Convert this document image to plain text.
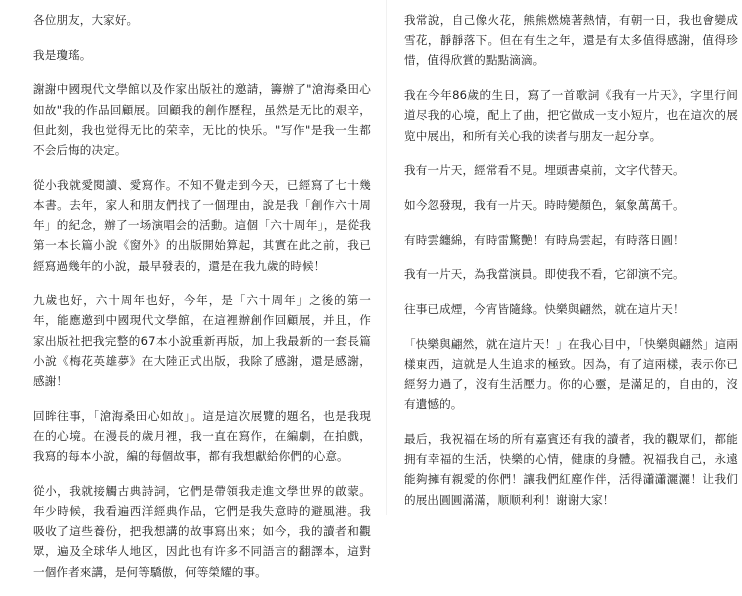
各位朋友，大家好。

我是瓊瑤。

謝謝中國現代文學館以及作家出版社的邀請，籌辦了"滄海桑田心如故"我的作品回顧展。回顧我的創作歷程，虽然是无比的艰辛，但此刻，我也觉得无比的荣幸，无比的快乐。"写作"是我一生都不会后悔的决定。

從小我就愛閱讀、愛寫作。不知不覺走到今天，已經寫了七十幾本書。去年，家人和朋友們找了一個理由，說是我「創作六十周年」的紀念，辦了一场演唱会的活動。這個「六十周年」，是從我第一本长篇小說《窗外》的出版開始算起，其實在此之前，我已經寫過幾年的小說，最早發表的，還是在我九歲的時候！

九歲也好，六十周年也好，今年，是「六十周年」之後的第一年，能應邀到中國現代文學館，在這裡辦創作回顧展，并且，作家出版社把我完整的67本小說重新再版，加上我最新的一套長篇小說《梅花英雄夢》在大陸正式出版，我除了感謝，還是感謝，感謝！

回眸往事，「滄海桑田心如故」。這是這次展覽的題名，也是我現在的心境。在漫長的歲月裡，我一直在寫作，在編劇，在拍戲，我寫的每本小說，編的每個故事，都有我想獻給你們的心意。

從小，我就接觸古典詩詞，它們是帶領我走進文學世界的啟蒙。年少時候，我看遍西洋經典作品，它們是我失意時的避風港。我吸收了這些養份，把我想講的故事寫出來；如今，我的讀者和觀眾，遍及全球华人地区，因此也有许多不同語言的翻譯本，這對一個作者來講，是何等驕傲，何等榮耀的事。

我常說，自己像火花，熊熊燃燒著熱情，有朝一日，我也會變成雪花，靜靜落下。但在有生之年，還是有太多值得感謝，值得珍惜，值得欣賞的點點滴滴。

我在今年86歲的生日，寫了一首歌詞《我有一片天》，字里行间道尽我的心境，配上了曲，把它做成一支小短片，也在這次的展览中展出，和所有关心我的读者与朋友一起分享。

我有一片天，經常看不見。埋頭書桌前，文字代替天。

如今忽發現，我有一片天。時時變顏色，氣象萬萬千。

有時雲纏綿，有時雷驚艷！有時鳥雲起，有時落日圓！

我有一片天，為我當演員。即使我不看，它卻演不完。

往事已成煙，今宵皆隨緣。快樂與翩然，就在這片天！

「快樂與翩然，就在這片天！」在我心目中，「快樂與翩然」這兩樣東西，這就是人生追求的極致。因為，有了這兩樣，表示你已經努力過了，沒有生活壓力。你的心靈，是滿足的，自由的，沒有遺憾的。

最后，我祝福在场的所有嘉賓还有我的讀者，我的觀眾们，都能拥有幸福的生活，快樂的心情，健康的身體。祝福我自己，永遠能夠擁有親愛的你們！讓我們紅塵作伴，活得瀟瀟灑灑！让我们的展出圓圓滿滿，顺顺利利！谢谢大家！
